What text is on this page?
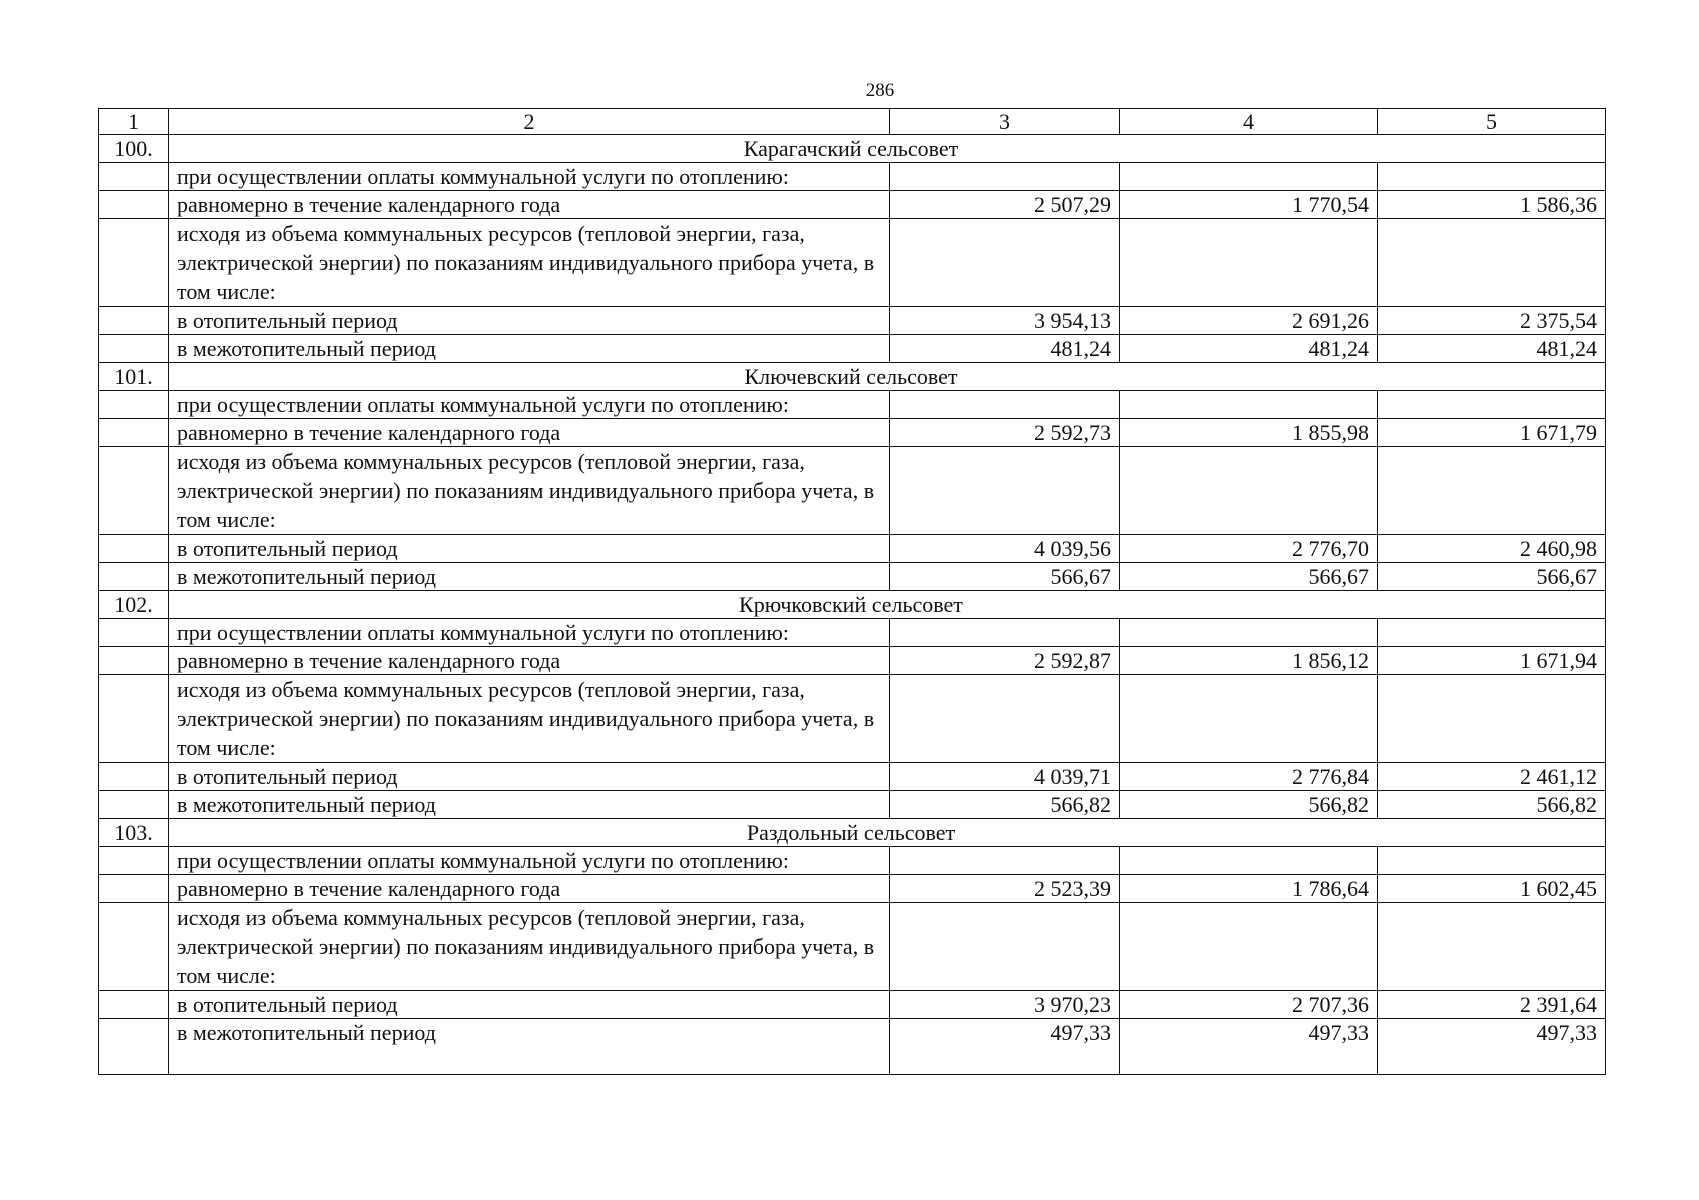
286
1	2	3	4	5
100.	Карагачский сельсовет			
	при осуществлении оплаты коммунальной услуги по отоплению:			
	равномерно в течение календарного года	2 507,29	1 770,54	1 586,36
	исходя из объема коммунальных ресурсов (тепловой энергии, газа, электрической энергии) по показаниям индивидуального прибора учета, в том числе:			
	в отопительный период	3 954,13	2 691,26	2 375,54
	в межотопительный период	481,24	481,24	481,24
101.	Ключевский сельсовет			
	при осуществлении оплаты коммунальной услуги по отоплению:			
	равномерно в течение календарного года	2 592,73	1 855,98	1 671,79
	исходя из объема коммунальных ресурсов (тепловой энергии, газа, электрической энергии) по показаниям индивидуального прибора учета, в том числе:			
	в отопительный период	4 039,56	2 776,70	2 460,98
	в межотопительный период	566,67	566,67	566,67
102.	Крючковский сельсовет			
	при осуществлении оплаты коммунальной услуги по отоплению:			
	равномерно в течение календарного года	2 592,87	1 856,12	1 671,94
	исходя из объема коммунальных ресурсов (тепловой энергии, газа, электрической энергии) по показаниям индивидуального прибора учета, в том числе:			
	в отопительный период	4 039,71	2 776,84	2 461,12
	в межотопительный период	566,82	566,82	566,82
103.	Раздольный сельсовет			
	при осуществлении оплаты коммунальной услуги по отоплению:			
	равномерно в течение календарного года	2 523,39	1 786,64	1 602,45
	исходя из объема коммунальных ресурсов (тепловой энергии, газа, электрической энергии) по показаниям индивидуального прибора учета, в том числе:			
	в отопительный период	3 970,23	2 707,36	2 391,64
	в межотопительный период	497,33	497,33	497,33
